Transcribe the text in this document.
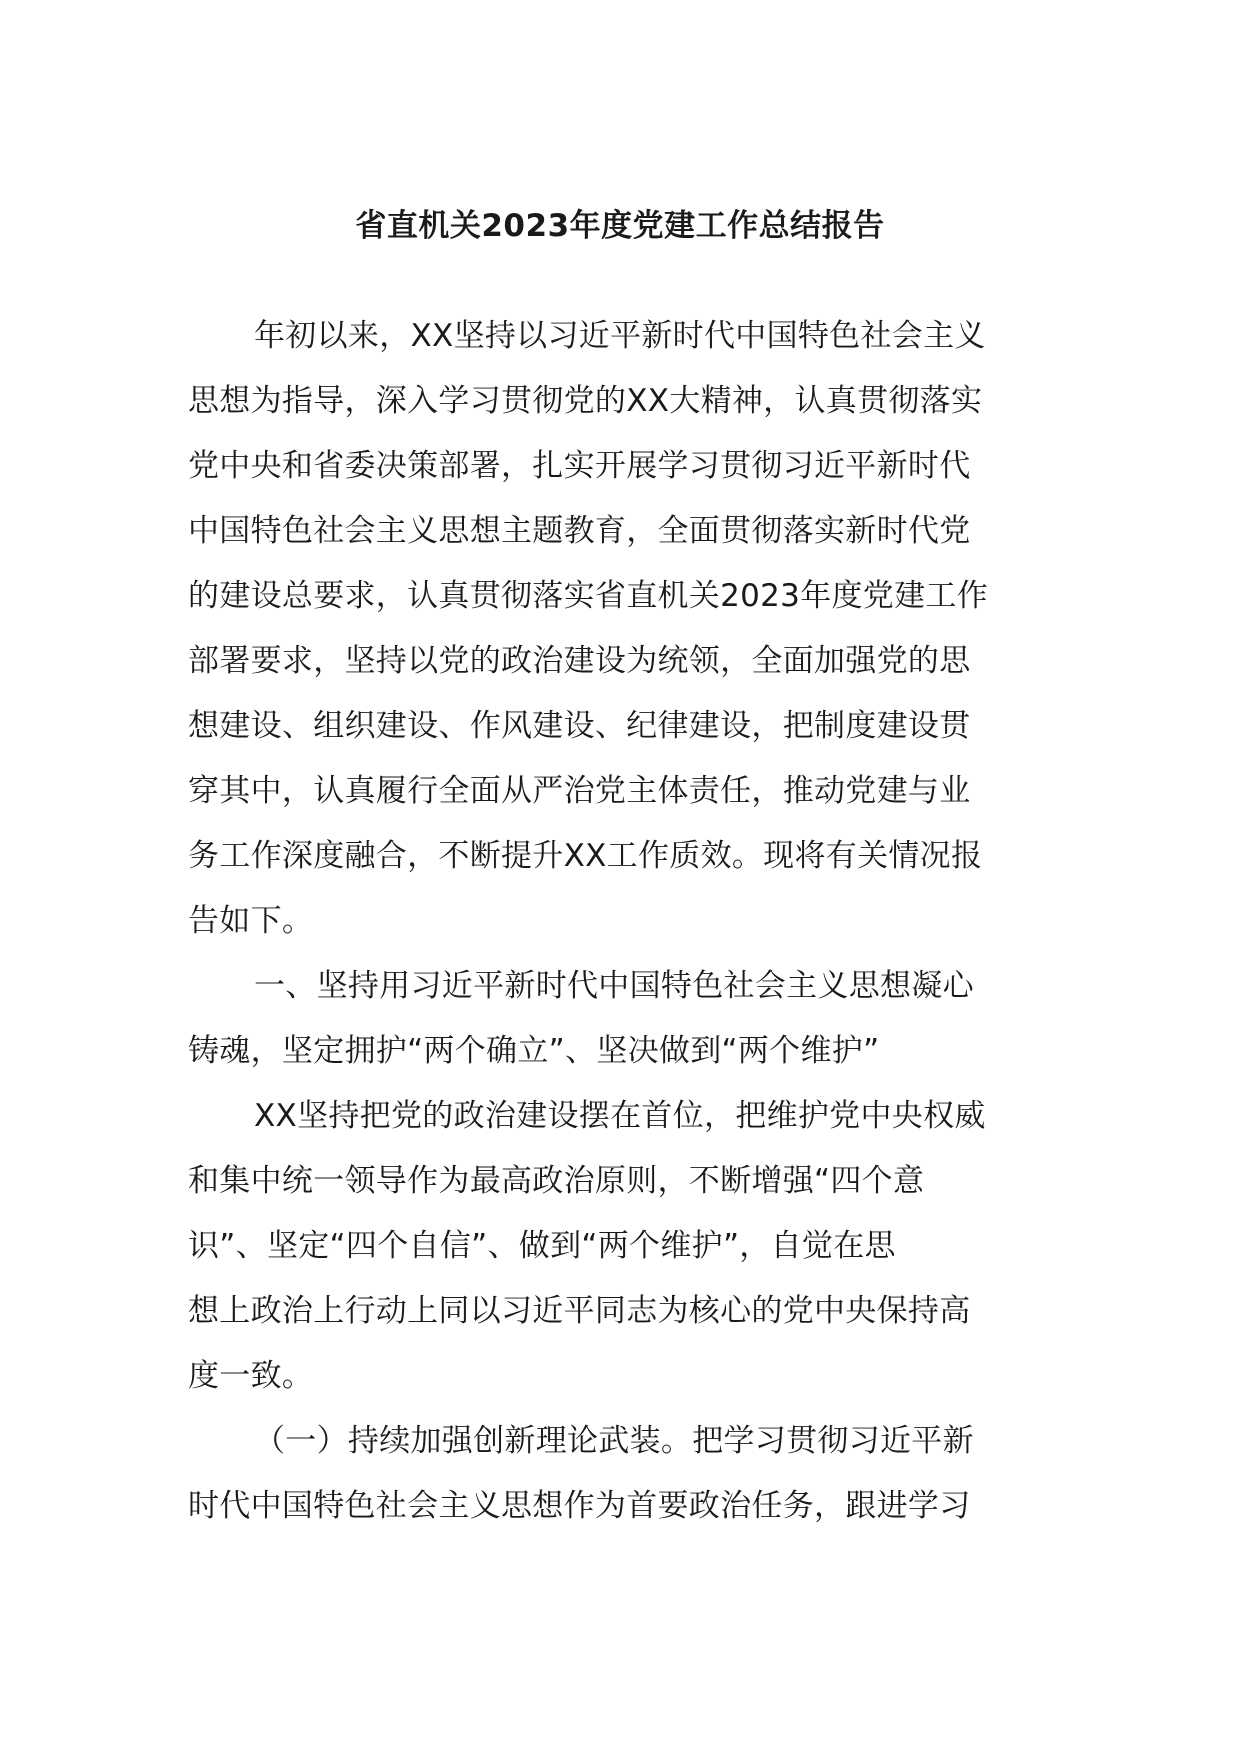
省直机关2023年度党建工作总结报告
年初以来，XX坚持以习近平新时代中国特色社会主义
思想为指导，深入学习贯彻党的XX大精神，认真贯彻落实
党中央和省委决策部署，扎实开展学习贯彻习近平新时代
中国特色社会主义思想主题教育，全面贯彻落实新时代党
的建设总要求，认真贯彻落实省直机关2023年度党建工作
部署要求，坚持以党的政治建设为统领，全面加强党的思
想建设、组织建设、作风建设、纪律建设，把制度建设贯
穿其中，认真履行全面从严治党主体责任，推动党建与业
务工作深度融合，不断提升XX工作质效。现将有关情况报
告如下。
一、坚持用习近平新时代中国特色社会主义思想凝心
铸魂，坚定拥护“两个确立”、坚决做到“两个维护”
XX坚持把党的政治建设摆在首位，把维护党中央权威
和集中统一领导作为最高政治原则，不断增强“四个意
识”、坚定“四个自信”、做到“两个维护”，自觉在思
想上政治上行动上同以习近平同志为核心的党中央保持高
度一致。
（一）持续加强创新理论武装。把学习贯彻习近平新
时代中国特色社会主义思想作为首要政治任务，跟进学习
